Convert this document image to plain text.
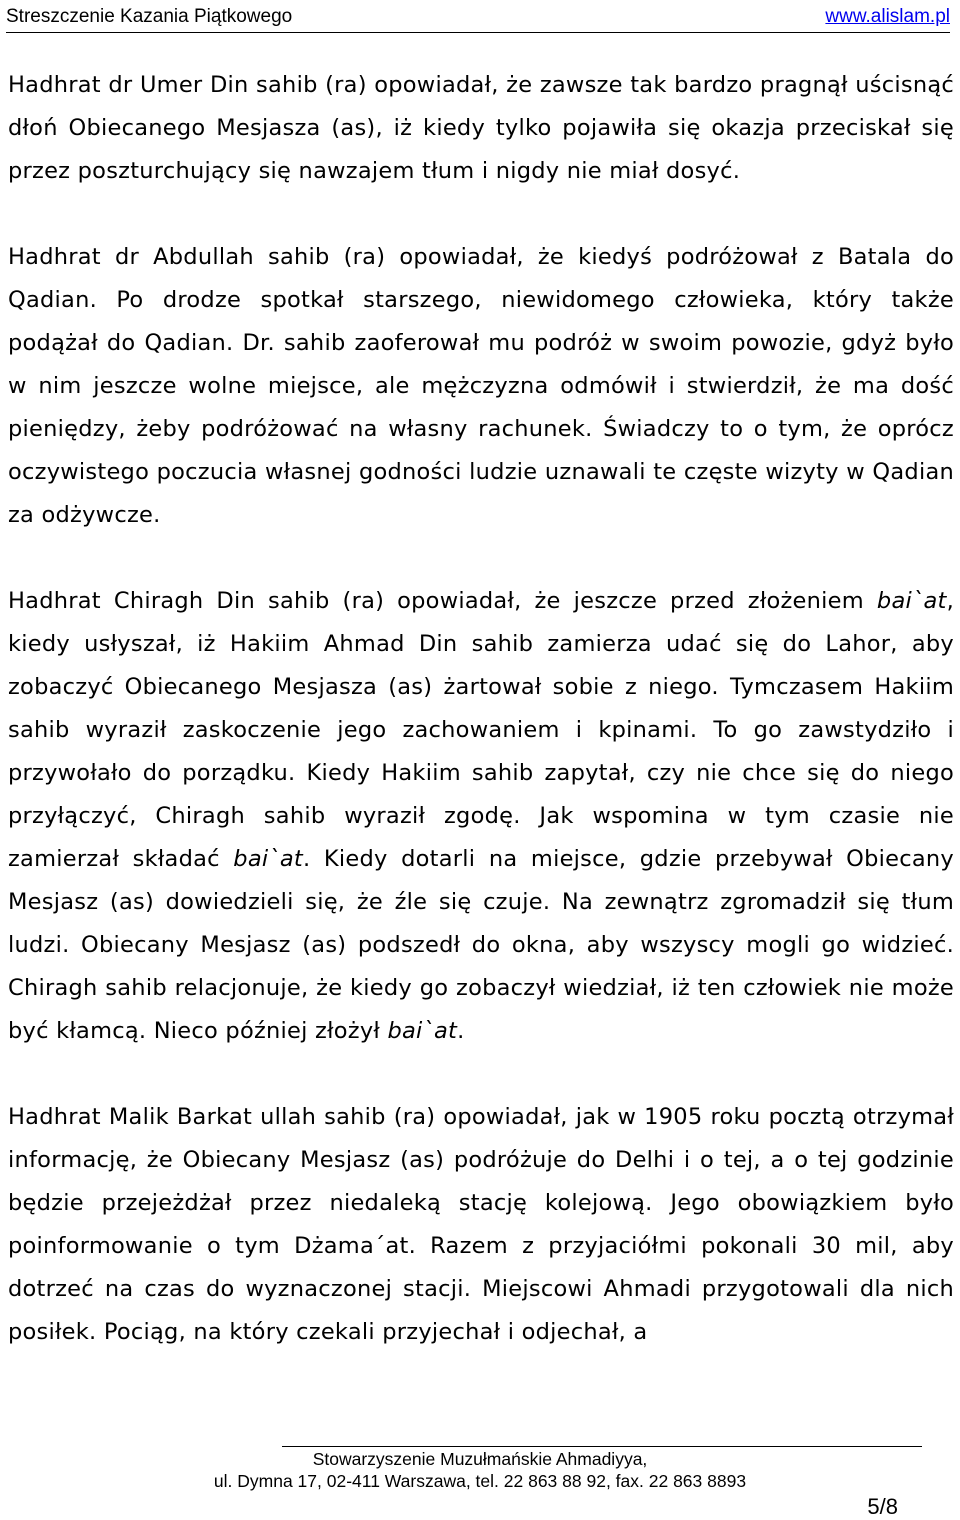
Streszczenie Kazania Piątkowego	www.alislam.pl

Hadhrat dr Umer Din sahib (ra) opowiadał, że zawsze tak bardzo pragnął uścisnąć dłoń Obiecanego Mesjasza (as), iż kiedy tylko pojawiła się okazja przeciskał się przez poszturchujący się nawzajem tłum i nigdy nie miał dosyć.

Hadhrat dr Abdullah sahib (ra) opowiadał, że kiedyś podróżował z Batala do Qadian. Po drodze spotkał starszego, niewidomego człowieka, który także podążał do Qadian. Dr. sahib zaoferował mu podróż w swoim powozie, gdyż było w nim jeszcze wolne miejsce, ale mężczyzna odmówił i stwierdził, że ma dość pieniędzy, żeby podróżować na własny rachunek. Świadczy to o tym, że oprócz oczywistego poczucia własnej godności ludzie uznawali te częste wizyty w Qadian za odżywcze.

Hadhrat Chiragh Din sahib (ra) opowiadał, że jeszcze przed złożeniem bai`at, kiedy usłyszał, iż Hakiim Ahmad Din sahib zamierza udać się do Lahor, aby zobaczyć Obiecanego Mesjasza (as) żartował sobie z niego. Tymczasem Hakiim sahib wyraził zaskoczenie jego zachowaniem i kpinami. To go zawstydziło i przywołało do porządku. Kiedy Hakiim sahib zapytał, czy nie chce się do niego przyłączyć, Chiragh sahib wyraził zgodę. Jak wspomina w tym czasie nie zamierzał składać bai`at. Kiedy dotarli na miejsce, gdzie przebywał Obiecany Mesjasz (as) dowiedzieli się, że źle się czuje. Na zewnątrz zgromadził się tłum ludzi. Obiecany Mesjasz (as) podszedł do okna, aby wszyscy mogli go widzieć. Chiragh sahib relacjonuje, że kiedy go zobaczył wiedział, iż ten człowiek nie może być kłamcą. Nieco później złożył bai`at.

Hadhrat Malik Barkat ullah sahib (ra) opowiadał, jak w 1905 roku pocztą otrzymał informację, że Obiecany Mesjasz (as) podróżuje do Delhi i o tej, a o tej godzinie będzie przejeżdżał przez niedaleką stację kolejową. Jego obowiązkiem było poinformowanie o tym Dżama´at. Razem z przyjaciółmi pokonali 30 mil, aby dotrzeć na czas do wyznaczonej stacji. Miejscowi Ahmadi przygotowali dla nich posiłek. Pociąg, na który czekali przyjechał i odjechał, a

Stowarzyszenie Muzułmańskie Ahmadiyya,
ul. Dymna 17, 02-411 Warszawa, tel. 22 863 88 92, fax. 22 863 8893
5/8
